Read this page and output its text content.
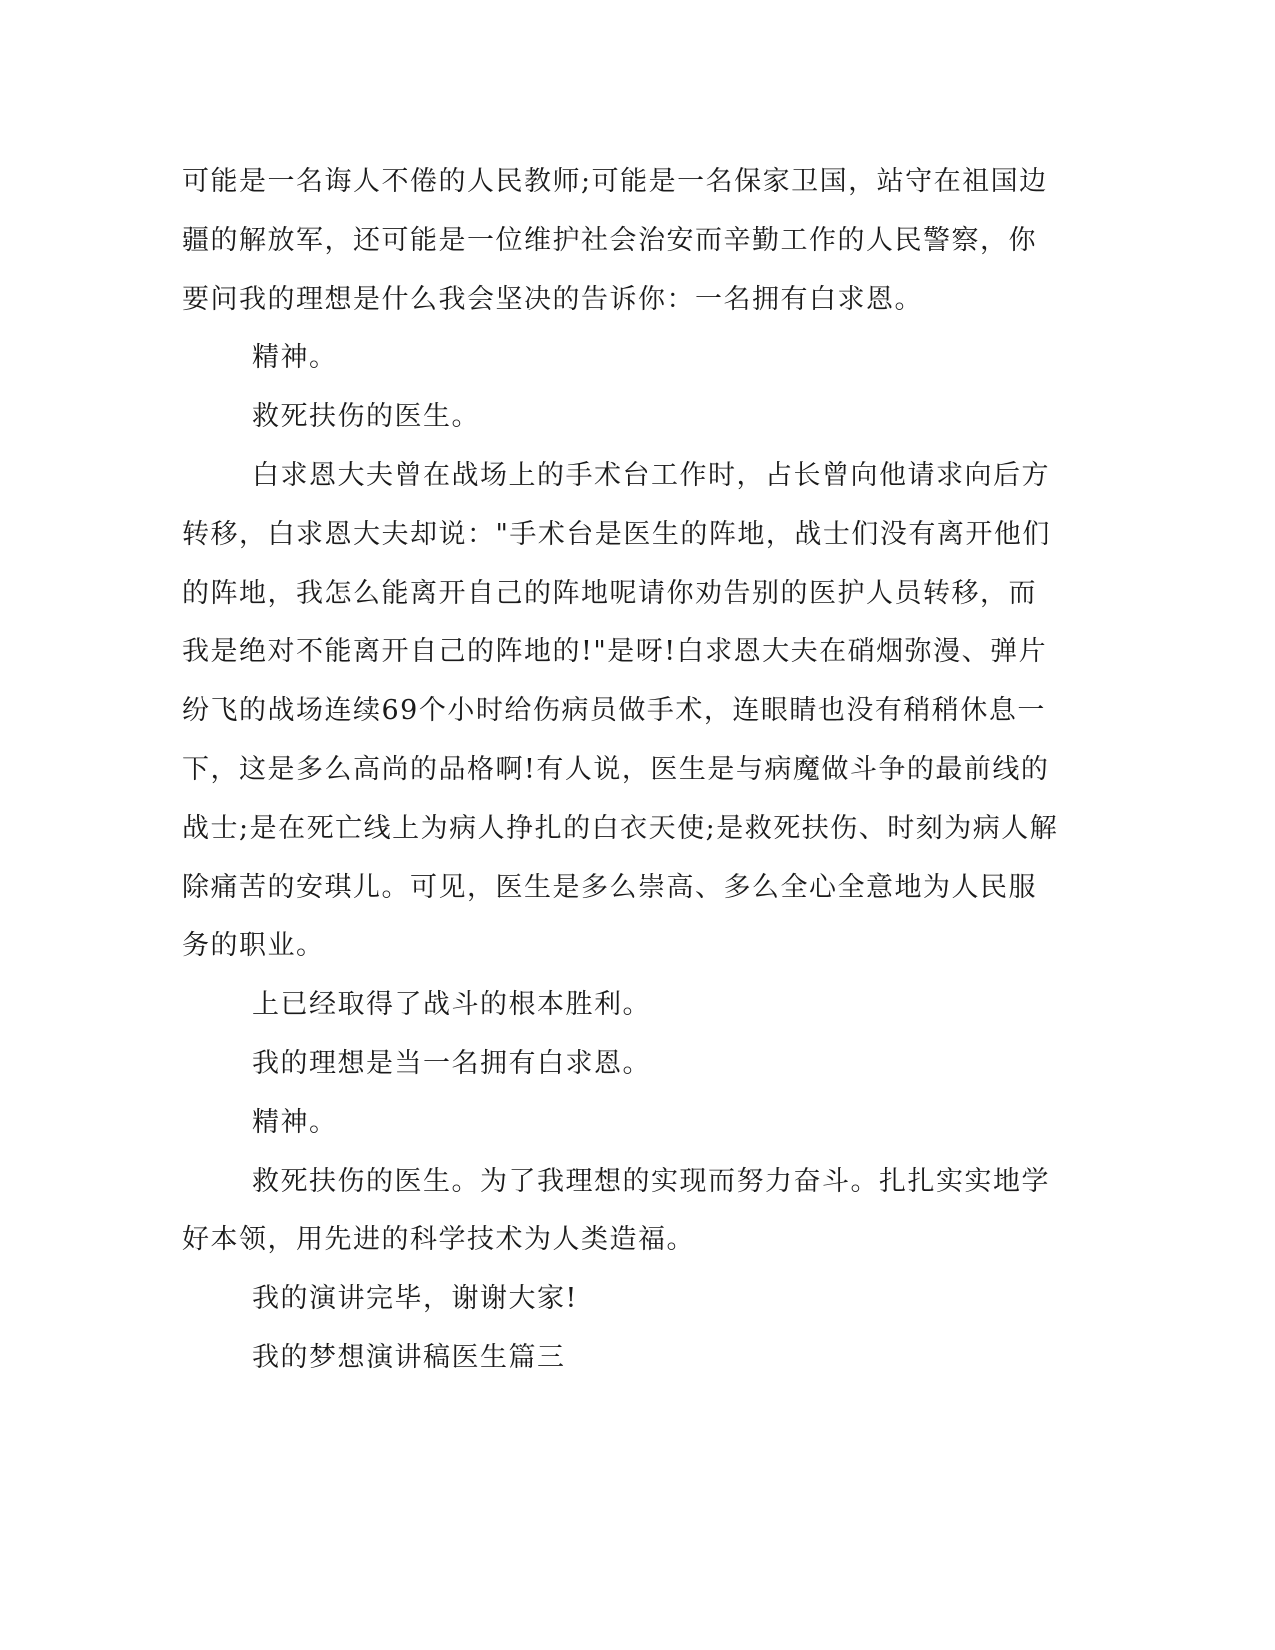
可能是一名诲人不倦的人民教师;可能是一名保家卫国，站守在祖国边
疆的解放军，还可能是一位维护社会治安而辛勤工作的人民警察，你
要问我的理想是什么我会坚决的告诉你：一名拥有白求恩。
精神。
救死扶伤的医生。
白求恩大夫曾在战场上的手术台工作时，占长曾向他请求向后方
转移，白求恩大夫却说："手术台是医生的阵地，战士们没有离开他们
的阵地，我怎么能离开自己的阵地呢请你劝告别的医护人员转移，而
我是绝对不能离开自己的阵地的!"是呀!白求恩大夫在硝烟弥漫、弹片
纷飞的战场连续69个小时给伤病员做手术，连眼睛也没有稍稍休息一
下，这是多么高尚的品格啊!有人说，医生是与病魔做斗争的最前线的
战士;是在死亡线上为病人挣扎的白衣天使;是救死扶伤、时刻为病人解
除痛苦的安琪儿。可见，医生是多么崇高、多么全心全意地为人民服
务的职业。
上已经取得了战斗的根本胜利。
我的理想是当一名拥有白求恩。
精神。
救死扶伤的医生。为了我理想的实现而努力奋斗。扎扎实实地学
好本领，用先进的科学技术为人类造福。
我的演讲完毕，谢谢大家!
我的梦想演讲稿医生篇三
